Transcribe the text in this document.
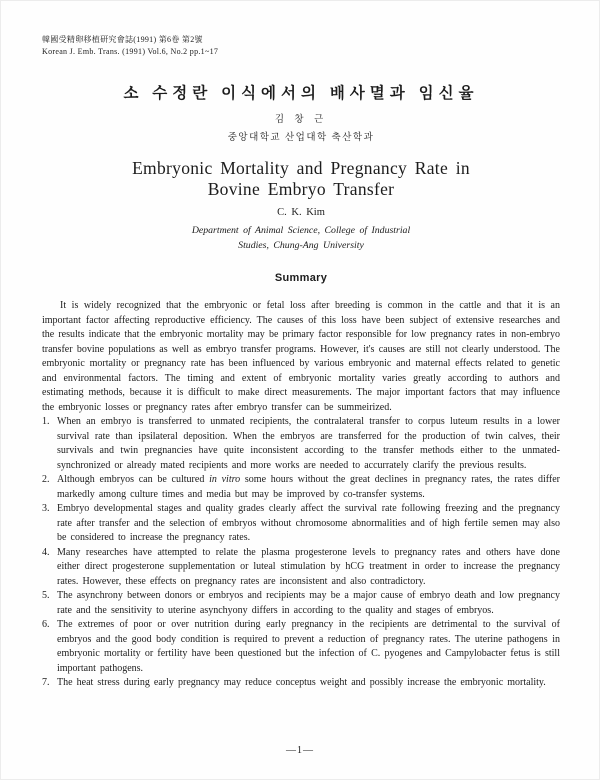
韓國受精卵移植研究會誌(1991) 第6卷 第2號
Korean J. Emb. Trans. (1991) Vol.6, No.2 pp.1~17
소 수정란 이식에서의 배사멸과 임신율
김 창 근
중앙대학교 산업대학 축산학과
Embryonic Mortality and Pregnancy Rate in
Bovine Embryo Transfer
C. K. Kim
Department of Animal Science, College of Industrial
Studies, Chung-Ang University
Summary

It is widely recognized that the embryonic or fetal loss after breeding is common in the cattle and that it is an important factor affecting reproductive efficiency. The causes of this loss have been subject of extensive researches and the results indicate that the embryonic mortality may be primary factor responsible for low pregnancy rates in non-embryo transfer bovine populations as well as embryo transfer programs. However, it's causes are still not clearly understood. The embryonic mortality or pregnancy rate has been influenced by various embryonic and maternal effects related to genetic and environmental factors. The timing and extent of embryonic mortality varies greatly according to authors and estimating methods, because it is difficult to make direct measurements. The major important factors that may influence the embryonic losses or pregnancy rates after embryo transfer can be summeirized.

1. When an embryo is transferred to unmated recipients, the contralateral transfer to corpus luteum results in a lower survival rate than ipsilateral deposition. When the embryos are transferred for the production of twin calves, their survivals and twin pregnancies have quite inconsistent according to the transfer methods either to the unmated-synchronized or already mated recipients and more works are needed to accurrately clarify the previous results.
2. Although embryos can be cultured in vitro some hours without the great declines in pregnancy rates, the rates differ markedly among culture times and media but may be improved by co-transfer systems.
3. Embryo developmental stages and quality grades clearly affect the survival rate following freezing and the pregnancy rate after transfer and the selection of embryos without chromosome abnormalities and of high fertile semen may also be considered to increase the pregnancy rates.
4. Many researches have attempted to relate the plasma progesterone levels to pregnancy rates and others have done either direct progesterone supplementation or luteal stimulation by hCG treatment in order to increase the pregnancy rates. However, these effects on pregnancy rates are inconsistent and also contradictory.
5. The asynchrony between donors or embryos and recipients may be a major cause of embryo death and low pregnancy rate and the sensitivity to uterine asynchyony differs in according to the quality and stages of embryos.
6. The extremes of poor or over nutrition during early pregnancy in the recipients are detrimental to the survival of embryos and the good body condition is required to prevent a reduction of pregnancy rates. The uterine pathogens in embryonic mortality or fertility have been questioned but the infection of C. pyogenes and Campylobacter fetus is still important pathogens.
7. The heat stress during early pregnancy may reduce conceptus weight and possibly increase the embryonic mortality.
—1—
